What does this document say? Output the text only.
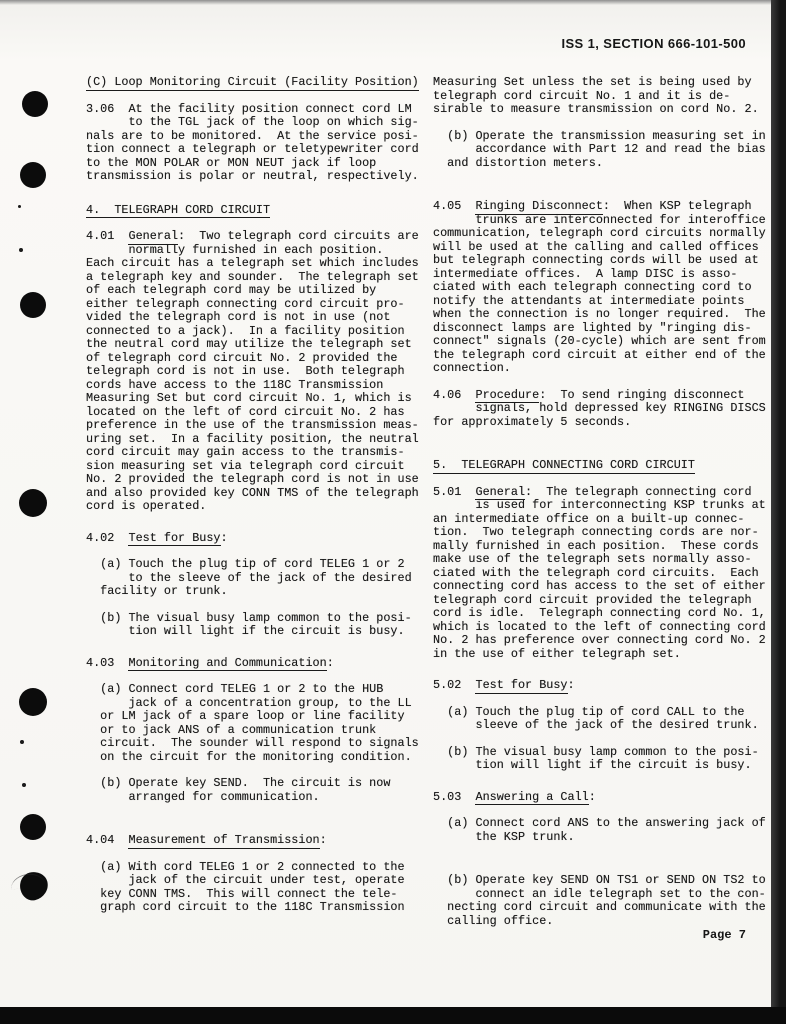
ISS 1, SECTION 666-101-500
(C) Loop Monitoring Circuit (Facility Position)
3.06  At the facility position connect cord LM
to the TGL jack of the loop on which sig-
nals are to be monitored.  At the service posi-
tion connect a telegraph or teletypewriter cord
to the MON POLAR or MON NEUT jack if loop
transmission is polar or neutral, respectively.
4.  TELEGRAPH CORD CIRCUIT
4.01  General:  Two telegraph cord circuits are
normally furnished in each position.
Each circuit has a telegraph set which includes
a telegraph key and sounder.  The telegraph set
of each telegraph cord may be utilized by
either telegraph connecting cord circuit pro-
vided the telegraph cord is not in use (not
connected to a jack).  In a facility position
the neutral cord may utilize the telegraph set
of telegraph cord circuit No. 2 provided the
telegraph cord is not in use.  Both telegraph
cords have access to the 118C Transmission
Measuring Set but cord circuit No. 1, which is
located on the left of cord circuit No. 2 has
preference in the use of the transmission meas-
uring set.  In a facility position, the neutral
cord circuit may gain access to the transmis-
sion measuring set via telegraph cord circuit
No. 2 provided the telegraph cord is not in use
and also provided key CONN TMS of the telegraph
cord is operated.
4.02  Test for Busy:
(a) Touch the plug tip of cord TELEG 1 or 2
to the sleeve of the jack of the desired
facility or trunk.
(b) The visual busy lamp common to the posi-
tion will light if the circuit is busy.
4.03  Monitoring and Communication:
(a) Connect cord TELEG 1 or 2 to the HUB
jack of a concentration group, to the LL
or LM jack of a spare loop or line facility
or to jack ANS of a communication trunk
circuit.  The sounder will respond to signals
on the circuit for the monitoring condition.
(b) Operate key SEND.  The circuit is now
arranged for communication.
4.04  Measurement of Transmission:
(a) With cord TELEG 1 or 2 connected to the
jack of the circuit under test, operate
key CONN TMS.  This will connect the tele-
graph cord circuit to the 118C Transmission
Measuring Set unless the set is being used by
telegraph cord circuit No. 1 and it is de-
sirable to measure transmission on cord No. 2.
(b) Operate the transmission measuring set in
accordance with Part 12 and read the bias
and distortion meters.
4.05  Ringing Disconnect:  When KSP telegraph
trunks are interconnected for interoffice
communication, telegraph cord circuits normally
will be used at the calling and called offices
but telegraph connecting cords will be used at
intermediate offices.  A lamp DISC is asso-
ciated with each telegraph connecting cord to
notify the attendants at intermediate points
when the connection is no longer required.  The
disconnect lamps are lighted by "ringing dis-
connect" signals (20-cycle) which are sent from
the telegraph cord circuit at either end of the
connection.
4.06  Procedure:  To send ringing disconnect
signals, hold depressed key RINGING DISCS
for approximately 5 seconds.
5.  TELEGRAPH CONNECTING CORD CIRCUIT
5.01  General:  The telegraph connecting cord
is used for interconnecting KSP trunks at
an intermediate office on a built-up connec-
tion.  Two telegraph connecting cords are nor-
mally furnished in each position.  These cords
make use of the telegraph sets normally asso-
ciated with the telegraph cord circuits.  Each
connecting cord has access to the set of either
telegraph cord circuit provided the telegraph
cord is idle.  Telegraph connecting cord No. 1,
which is located to the left of connecting cord
No. 2 has preference over connecting cord No. 2
in the use of either telegraph set.
5.02  Test for Busy:
(a) Touch the plug tip of cord CALL to the
sleeve of the jack of the desired trunk.
(b) The visual busy lamp common to the posi-
tion will light if the circuit is busy.
5.03  Answering a Call:
(a) Connect cord ANS to the answering jack of
the KSP trunk.
(b) Operate key SEND ON TS1 or SEND ON TS2 to
connect an idle telegraph set to the con-
necting cord circuit and communicate with the
calling office.
Page 7
